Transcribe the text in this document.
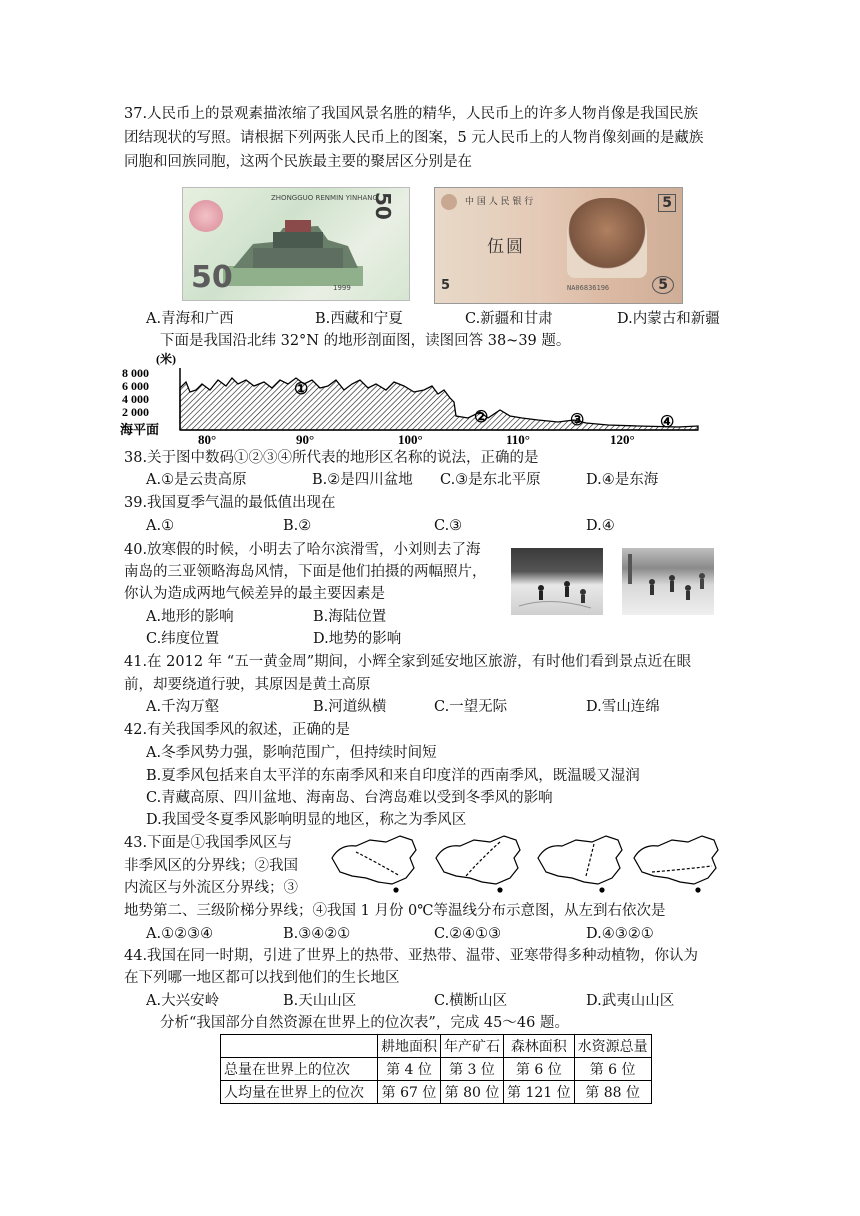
37.人民币上的景观素描浓缩了我国风景名胜的精华，人民币上的许多人物肖像是我国民族
团结现状的写照。请根据下列两张人民币上的图案，5 元人民币上的人物肖像刻画的是藏族
同胞和回族同胞，这两个民族最主要的聚居区分别是在
ZHONGGUO RENMIN YINHANG
50
50	1999
中 国 人 民 银 行
伍圆
5
5	NA06836196	5
A.青海和广西	B.西藏和宁夏	C.新疆和甘肃	D.内蒙古和新疆
下面是我国沿北纬 32°N 的地形剖面图，读图回答 38~39 题。
(米)
8 000
6 000
4 000
2 000
海平面
①
②	③	④
80°	90°	100°	110°	120°
38.关于图中数码①②③④所代表的地形区名称的说法，正确的是
A.①是云贵高原	B.②是四川盆地 C.③是东北平原	D.④是东海
39.我国夏季气温的最低值出现在
A.①	B.②	C.③	D.④
40.放寒假的时候，小明去了哈尔滨滑雪，小刘则去了海
南岛的三亚领略海岛风情，下面是他们拍摄的两幅照片，
你认为造成两地气候差异的最主要因素是
A.地形的影响	B.海陆位置
C.纬度位置	D.地势的影响
41.在 2012 年 “五一黄金周”期间，小辉全家到延安地区旅游，有时他们看到景点近在眼
前，却要绕道行驶，其原因是黄土高原
A.千沟万壑	B.河道纵横	C.一望无际	D.雪山连绵
42.有关我国季风的叙述，正确的是
A.冬季风势力强，影响范围广，但持续时间短
B.夏季风包括来自太平洋的东南季风和来自印度洋的西南季风，既温暖又湿润
C.青藏高原、四川盆地、海南岛、台湾岛难以受到冬季风的影响
D.我国受冬夏季风影响明显的地区，称之为季风区
43.下面是①我国季风区与
非季风区的分界线；②我国
内流区与外流区分界线；③
地势第二、三级阶梯分界线；④我国 1 月份 0℃等温线分布示意图，从左到右依次是
A.①②③④	B.③④②①	C.②④①③	D.④③②①
44.我国在同一时期，引进了世界上的热带、亚热带、温带、亚寒带得多种动植物，你认为
在下列哪一地区都可以找到他们的生长地区
A.大兴安岭	B.天山山区	C.横断山区	D.武夷山山区
分析“我国部分自然资源在世界上的位次表”，完成 45～46 题。
	耕地面积	年产矿石	森林面积	水资源总量
总量在世界上的位次	第 4 位	第 3 位	第 6 位	第 6 位
人均量在世界上的位次	第 67 位	第 80 位	第 121 位	第 88 位
